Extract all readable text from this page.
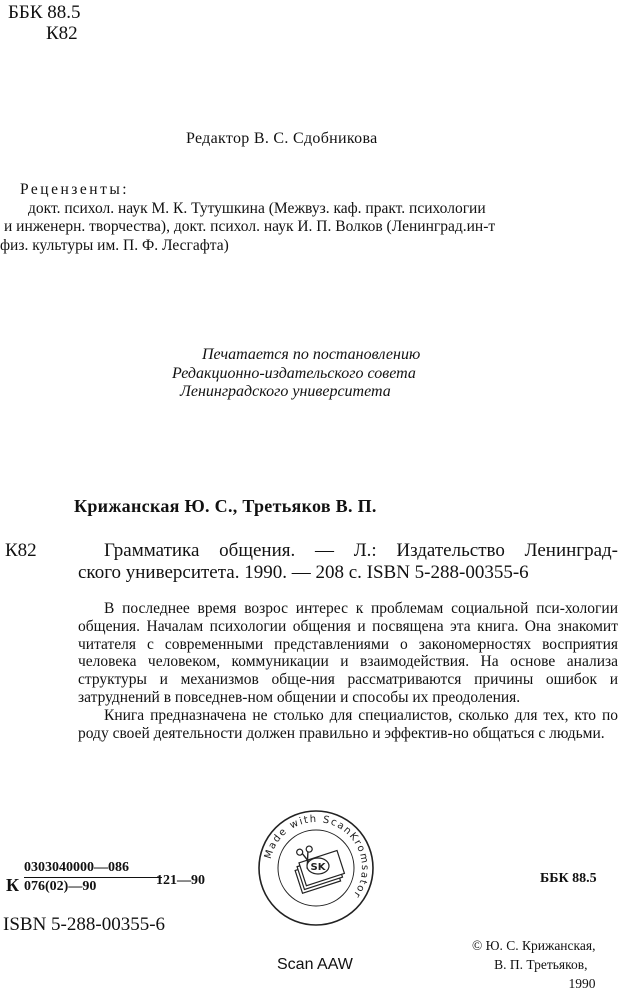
ББК 88.5
К82
Редактор В. С. Сдобникова
Рецензенты:
докт. психол. наук М. К. Тутушкина (Межвуз. каф. практ. психологии
и инженерн. творчества), докт. психол. наук И. П. Волков (Ленинград.ин-т
физ. культуры им. П. Ф. Лесгафта)
Печатается по постановлению
Редакционно-издательского совета
Ленинградского университета
Крижанская Ю. С., Третьяков В. П.
К82	Грамматика общения. — Л.: Издательство Ленинград-
ского университета. 1990. — 208 с. ISBN 5-288-00355-6

В последнее время возрос интерес к проблемам социальной пси-хологии общения. Началам психологии общения и посвящена эта книга. Она знакомит читателя с современными представлениями о закономерностях восприятия человека человеком, коммуникации и взаимодействия. На основе анализа структуры и механизмов обще-ния рассматриваются причины ошибок и затруднений в повседнев-ном общении и способы их преодоления.

Книга предназначена не столько для специалистов, сколько для тех, кто по роду своей деятельности должен правильно и эффектив-но общаться с людьми.

К $\frac{0303040000—086}{076(02)—90}$
121—90	ББК 88.5
ISBN 5-288-00355-6
Made with ScanKromsator
SK
Scan AAW
© Ю. С. Крижанская,
В. П. Третьяков,
1990
